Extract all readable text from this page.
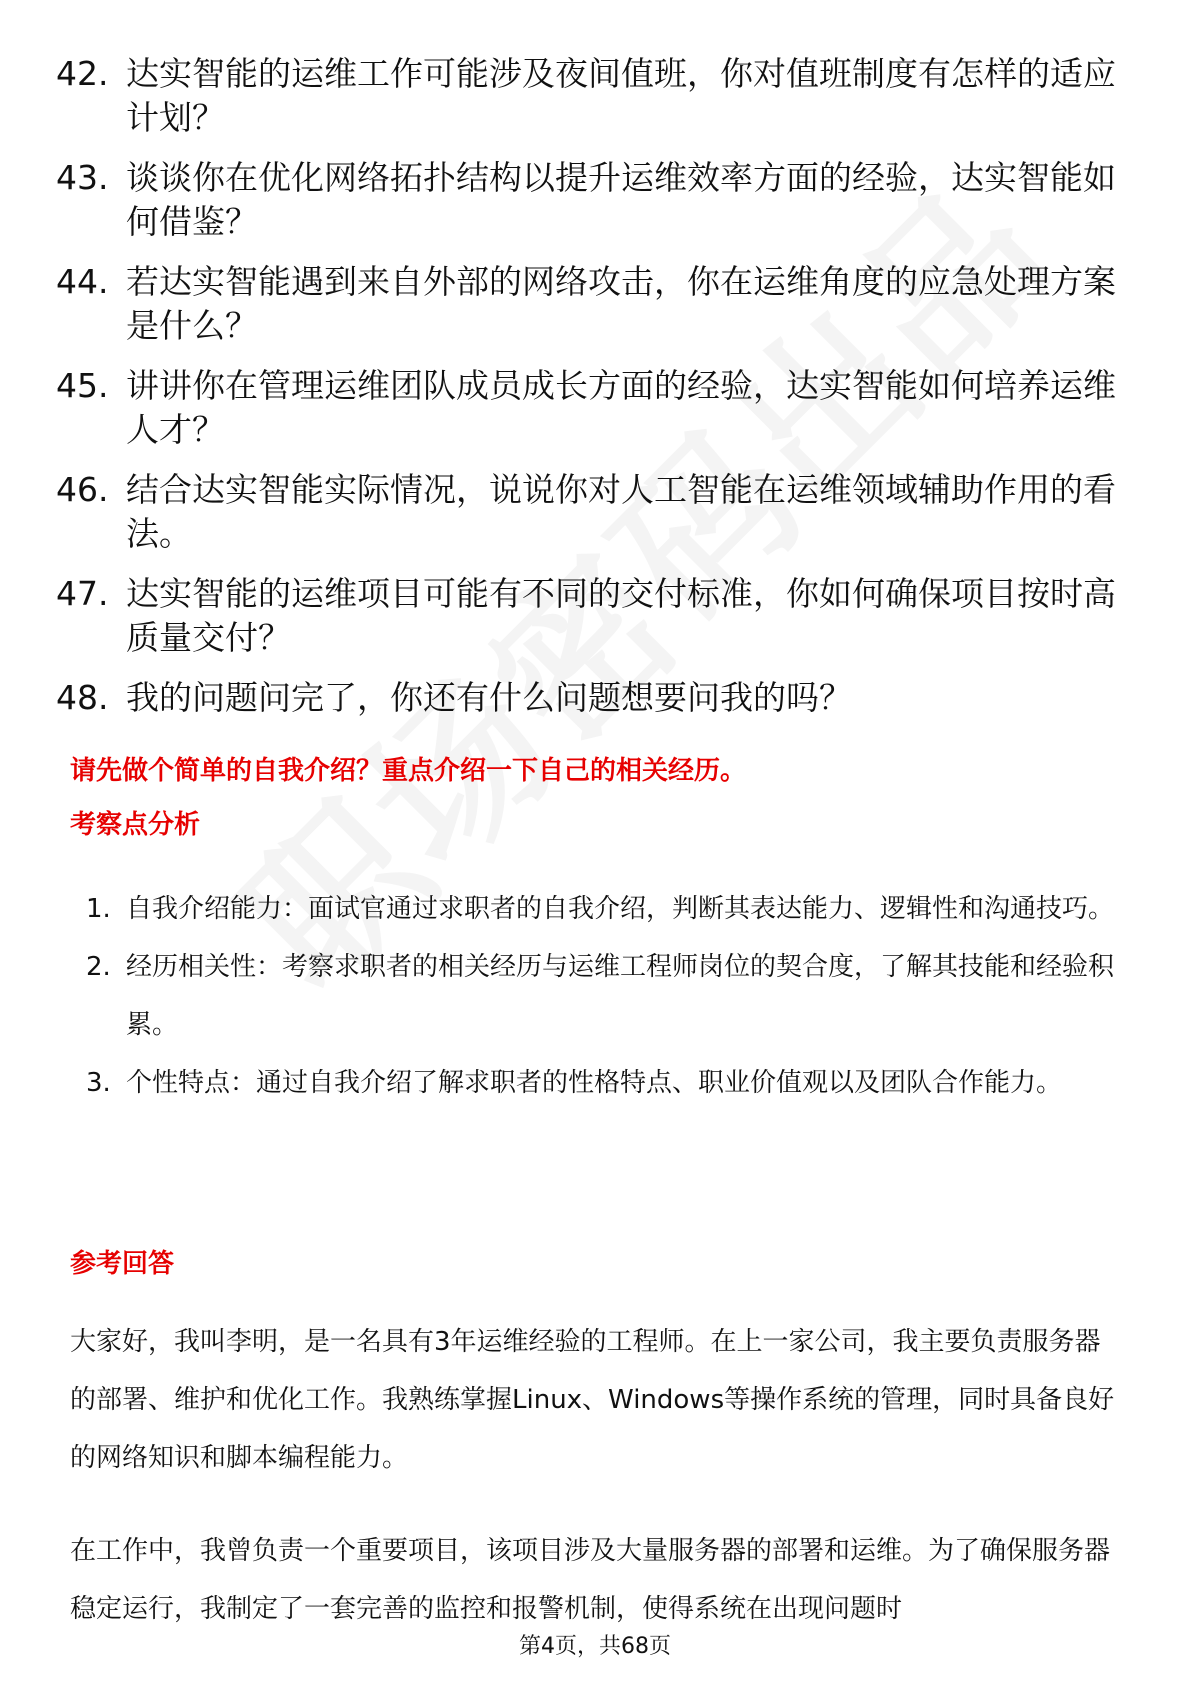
42. 达实智能的运维工作可能涉及夜间值班，你对值班制度有怎样的适应计划？
43. 谈谈你在优化网络拓扑结构以提升运维效率方面的经验，达实智能如何借鉴？
44. 若达实智能遇到来自外部的网络攻击，你在运维角度的应急处理方案是什么？
45. 讲讲你在管理运维团队成员成长方面的经验，达实智能如何培养运维人才？
46. 结合达实智能实际情况，说说你对人工智能在运维领域辅助作用的看法。
47. 达实智能的运维项目可能有不同的交付标准，你如何确保项目按时高质量交付？
48. 我的问题问完了，你还有什么问题想要问我的吗？
请先做个简单的自我介绍？重点介绍一下自己的相关经历。
考察点分析
1. 自我介绍能力：面试官通过求职者的自我介绍，判断其表达能力、逻辑性和沟通技巧。
2. 经历相关性：考察求职者的相关经历与运维工程师岗位的契合度，了解其技能和经验积累。
3. 个性特点：通过自我介绍了解求职者的性格特点、职业价值观以及团队合作能力。
参考回答

大家好，我叫李明，是一名具有3年运维经验的工程师。在上一家公司，我主要负责服务器的部署、维护和优化工作。我熟练掌握Linux、Windows等操作系统的管理，同时具备良好的网络知识和脚本编程能力。

在工作中，我曾负责一个重要项目，该项目涉及大量服务器的部署和运维。为了确保服务器稳定运行，我制定了一套完善的监控和报警机制，使得系统在出现问题时

第4页，共68页
